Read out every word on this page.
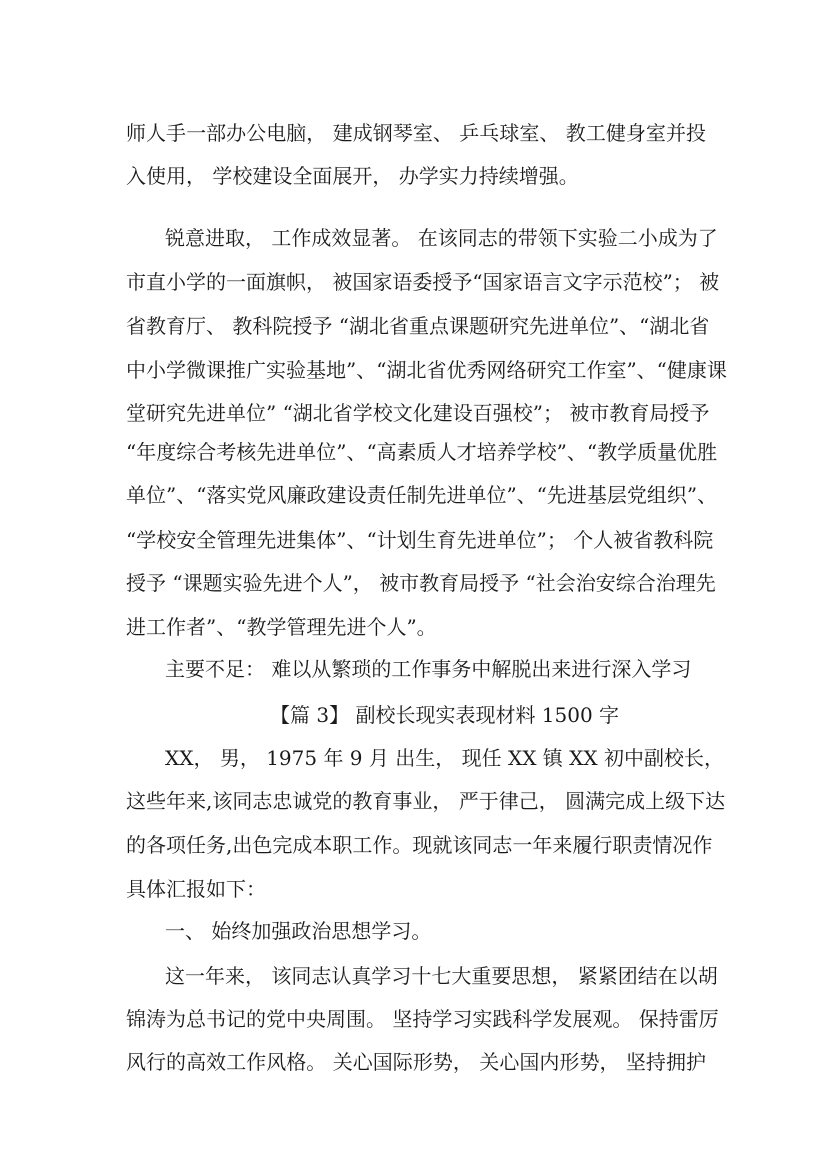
师人手一部办公电脑， 建成钢琴室、 乒乓球室、 教工健身室并投
入使用， 学校建设全面展开， 办学实力持续增强。
锐意进取， 工作成效显著。 在该同志的带领下实验二小成为了
市直小学的一面旗帜， 被国家语委授予“国家语言文字示范校”； 被
省教育厅、 教科院授予 “湖北省重点课题研究先进单位”、“湖北省
中小学微课推广实验基地”、“湖北省优秀网络研究工作室”、“健康课
堂研究先进单位” “湖北省学校文化建设百强校”； 被市教育局授予
“年度综合考核先进单位”、“高素质人才培养学校”、“教学质量优胜
单位”、“落实党风廉政建设责任制先进单位”、“先进基层党组织”、
“学校安全管理先进集体”、“计划生育先进单位”； 个人被省教科院
授予 “课题实验先进个人”， 被市教育局授予 “社会治安综合治理先
进工作者”、“教学管理先进个人”。
主要不足： 难以从繁琐的工作事务中解脱出来进行深入学习
【篇 3】 副校长现实表现材料 1500 字
XX， 男， 1975 年 9 月 出生， 现任 XX 镇 XX 初中副校长，
这些年来,该同志忠诚党的教育事业， 严于律己， 圆满完成上级下达
的各项任务,出色完成本职工作。现就该同志一年来履行职责情况作
具体汇报如下：
一、 始终加强政治思想学习。
这一年来， 该同志认真学习十七大重要思想， 紧紧团结在以胡
锦涛为总书记的党中央周围。 坚持学习实践科学发展观。 保持雷厉
风行的高效工作风格。 关心国际形势， 关心国内形势， 坚持拥护
